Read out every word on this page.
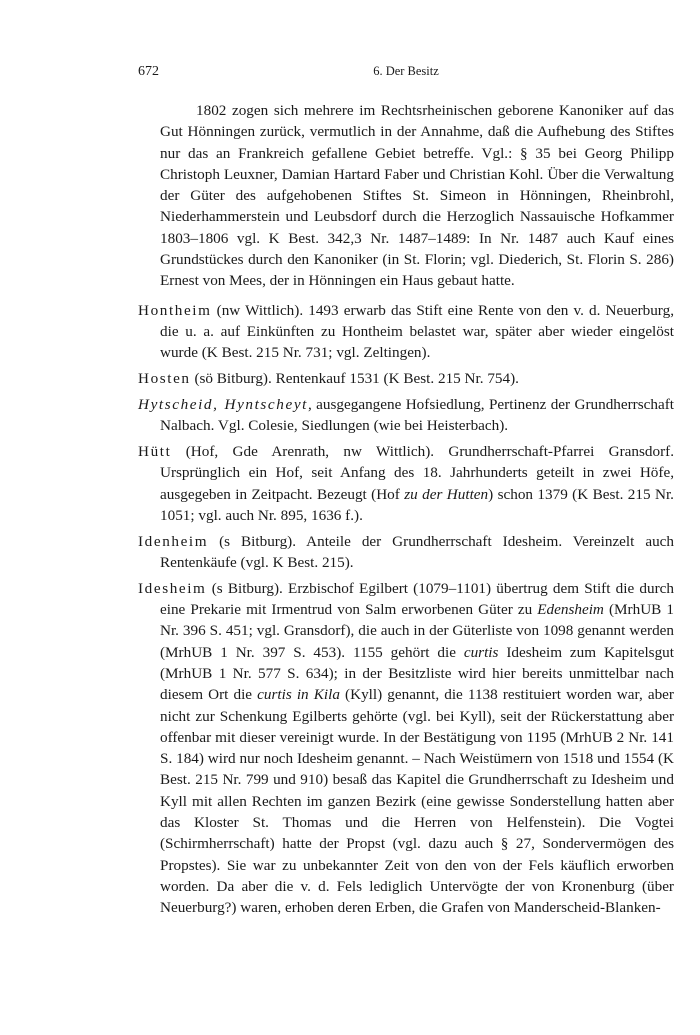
672	6. Der Besitz

1802 zogen sich mehrere im Rechtsrheinischen geborene Kanoniker auf das Gut Hönningen zurück, vermutlich in der Annahme, daß die Aufhebung des Stiftes nur das an Frankreich gefallene Gebiet betreffe. Vgl.: § 35 bei Georg Philipp Christoph Leuxner, Damian Hartard Faber und Christian Kohl. Über die Verwaltung der Güter des aufgehobenen Stiftes St. Simeon in Hönningen, Rheinbrohl, Niederhammerstein und Leubsdorf durch die Herzoglich Nassauische Hofkammer 1803–1806 vgl. K Best. 342,3 Nr. 1487–1489: In Nr. 1487 auch Kauf eines Grundstückes durch den Kanoniker (in St. Florin; vgl. Diederich, St. Florin S. 286) Ernest von Mees, der in Hönningen ein Haus gebaut hatte.

Hontheim (nw Wittlich). 1493 erwarb das Stift eine Rente von den v. d. Neuerburg, die u. a. auf Einkünften zu Hontheim belastet war, später aber wieder eingelöst wurde (K Best. 215 Nr. 731; vgl. Zeltingen).

Hosten (sö Bitburg). Rentenkauf 1531 (K Best. 215 Nr. 754).

Hytscheid, Hyntscheyt, ausgegangene Hofsiedlung, Pertinenz der Grundherrschaft Nalbach. Vgl. Colesie, Siedlungen (wie bei Heisterbach).

Hütt (Hof, Gde Arenrath, nw Wittlich). Grundherrschaft-Pfarrei Gransdorf. Ursprünglich ein Hof, seit Anfang des 18. Jahrhunderts geteilt in zwei Höfe, ausgegeben in Zeitpacht. Bezeugt (Hof zu der Hutten) schon 1379 (K Best. 215 Nr. 1051; vgl. auch Nr. 895, 1636 f.).

Idenheim (s Bitburg). Anteile der Grundherrschaft Idesheim. Vereinzelt auch Rentenkäufe (vgl. K Best. 215).

Idesheim (s Bitburg). Erzbischof Egilbert (1079–1101) übertrug dem Stift die durch eine Prekarie mit Irmentrud von Salm erworbenen Güter zu Edensheim (MrhUB 1 Nr. 396 S. 451; vgl. Gransdorf), die auch in der Güterliste von 1098 genannt werden (MrhUB 1 Nr. 397 S. 453). 1155 gehört die curtis Idesheim zum Kapitelsgut (MrhUB 1 Nr. 577 S. 634); in der Besitzliste wird hier bereits unmittelbar nach diesem Ort die curtis in Kila (Kyll) genannt, die 1138 restituiert worden war, aber nicht zur Schenkung Egilberts gehörte (vgl. bei Kyll), seit der Rückerstattung aber offenbar mit dieser vereinigt wurde. In der Bestätigung von 1195 (MrhUB 2 Nr. 141 S. 184) wird nur noch Idesheim genannt. – Nach Weistümern von 1518 und 1554 (K Best. 215 Nr. 799 und 910) besaß das Kapitel die Grundherrschaft zu Idesheim und Kyll mit allen Rechten im ganzen Bezirk (eine gewisse Sonderstellung hatten aber das Kloster St. Thomas und die Herren von Helfenstein). Die Vogtei (Schirmherrschaft) hatte der Propst (vgl. dazu auch § 27, Sondervermögen des Propstes). Sie war zu unbekannter Zeit von den von der Fels käuflich erworben worden. Da aber die v. d. Fels lediglich Untervögte der von Kronenburg (über Neuerburg?) waren, erhoben deren Erben, die Grafen von Manderscheid-Blanken-
